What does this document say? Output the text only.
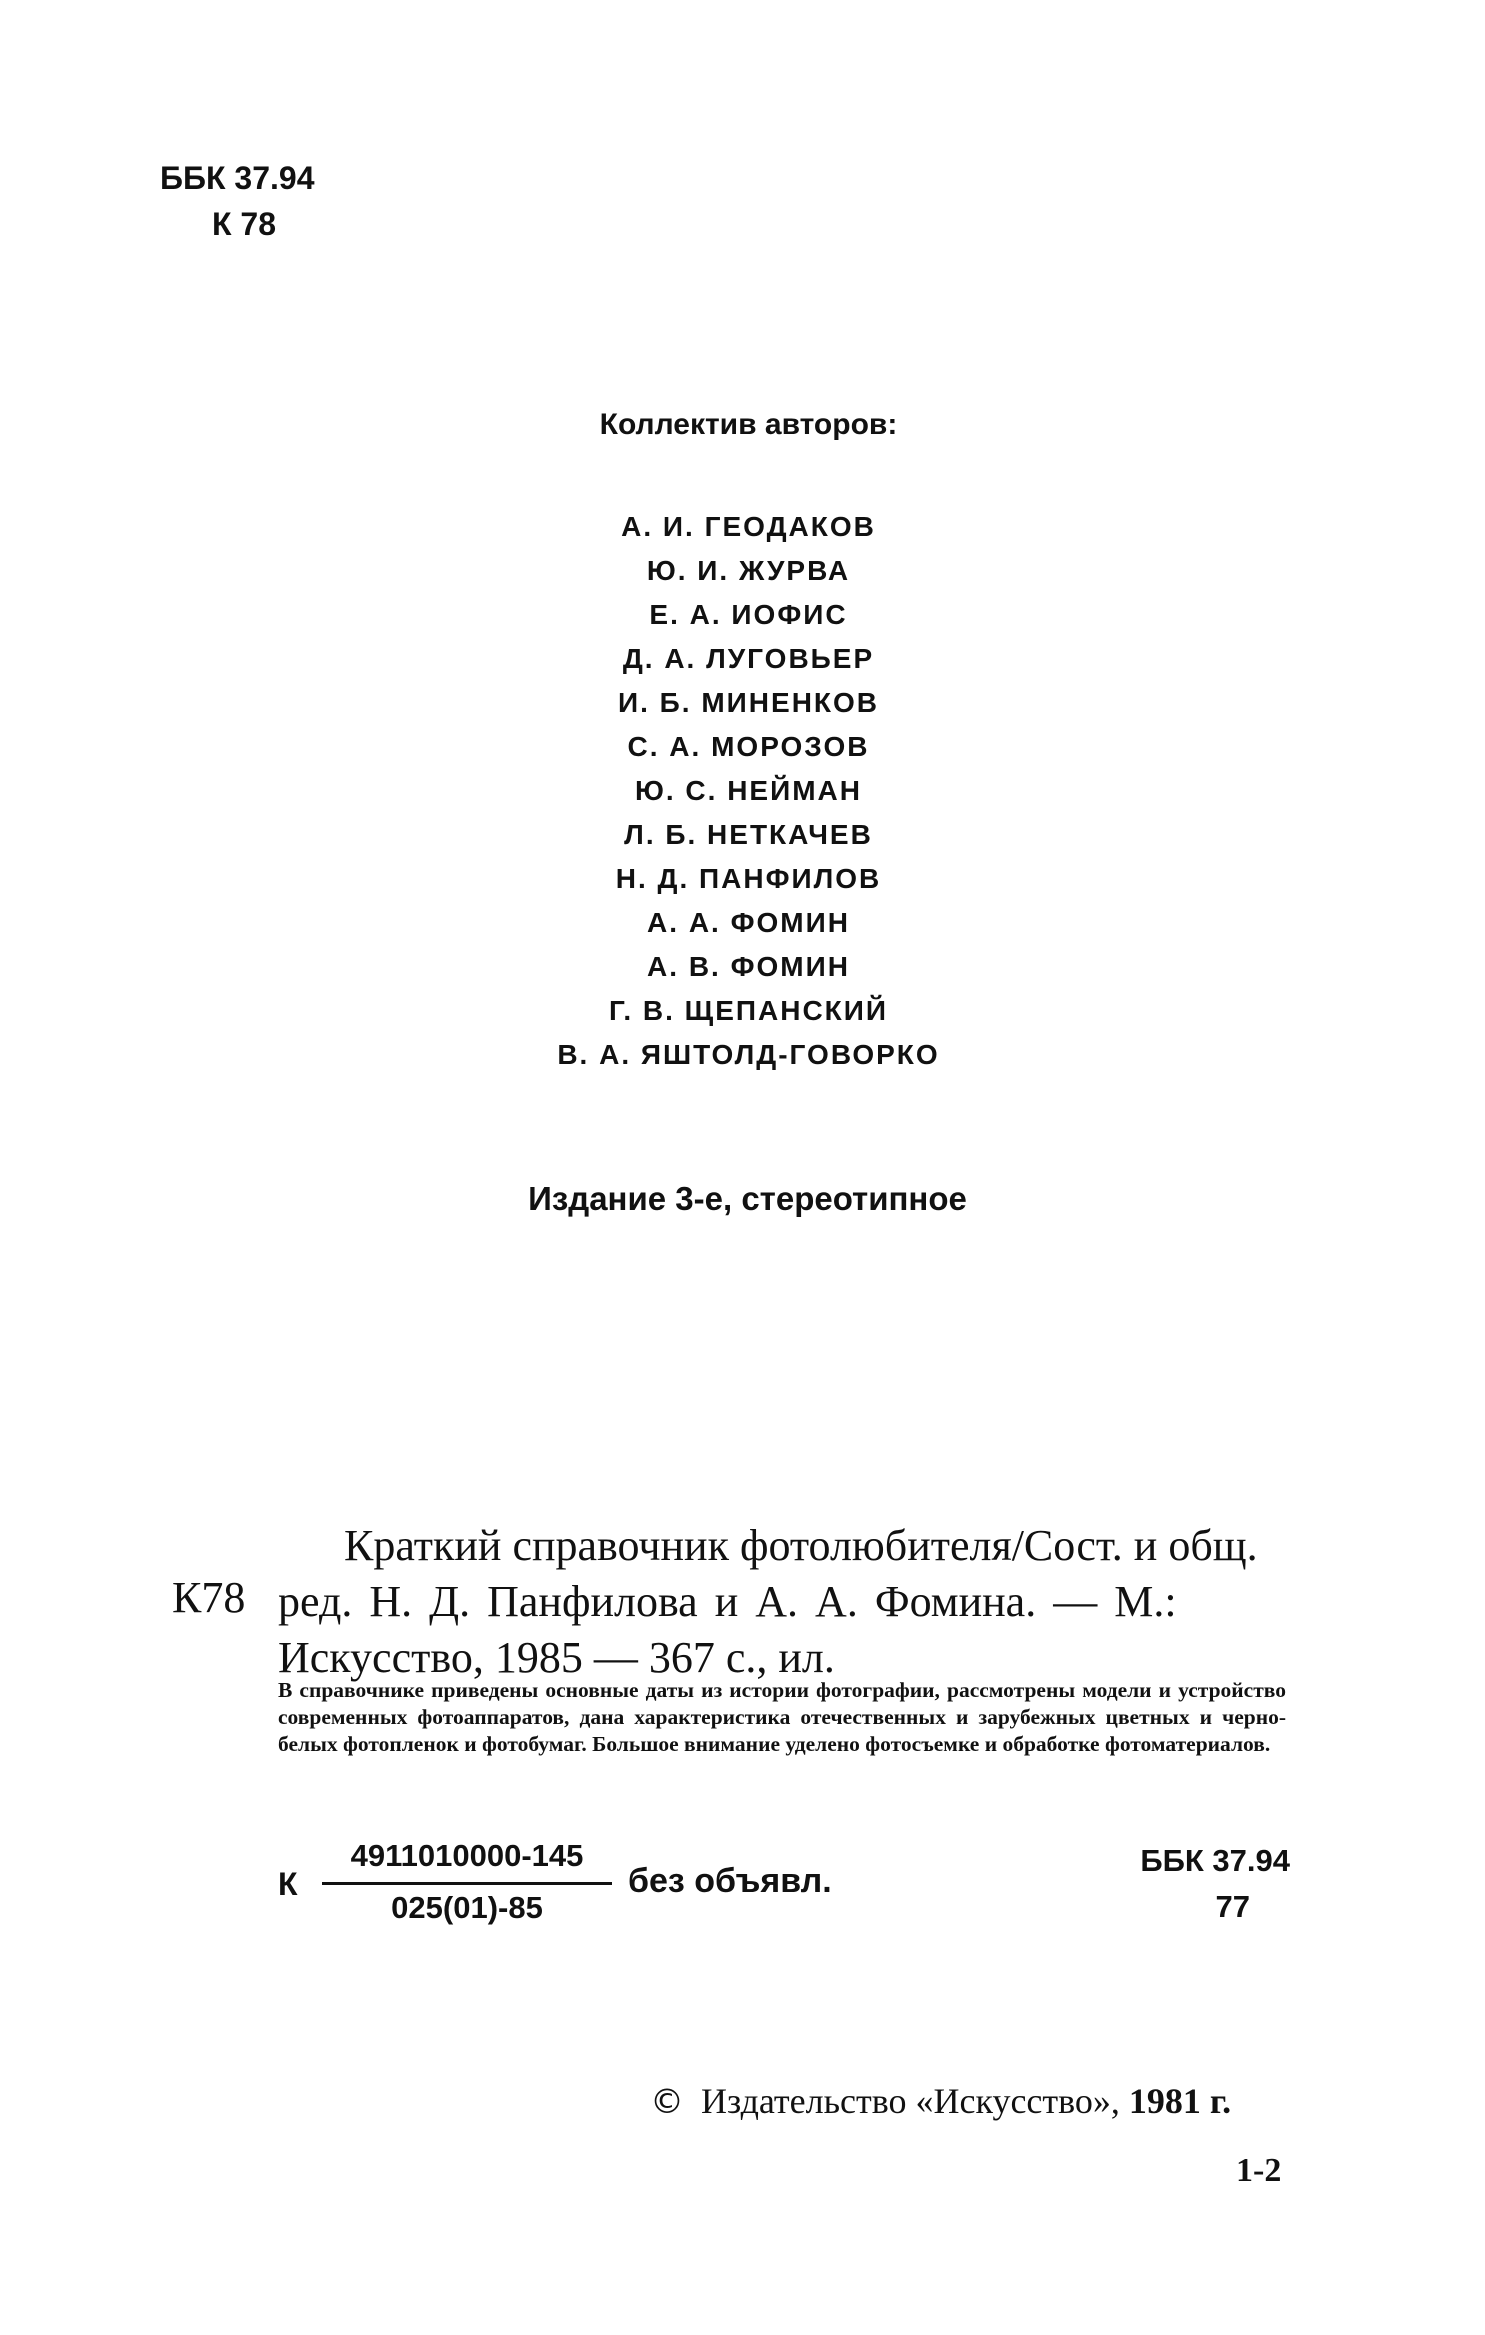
ББК 37.94
К 78
Коллектив авторов:
А. И. ГЕОДАКОВ
Ю. И. ЖУРВА
Е. А. ИОФИС
Д. А. ЛУГОВЬЕР
И. Б. МИНЕНКОВ
С. А. МОРОЗОВ
Ю. С. НЕЙМАН
Л. Б. НЕТКАЧЕВ
Н. Д. ПАНФИЛОВ
А. А. ФОМИН
А. В. ФОМИН
Г. В. ЩЕПАНСКИЙ
В. А. ЯШТОЛД-ГОВОРКО
Издание 3-е, стереотипное
К78
Краткий справочник фотолюбителя/Сост. и общ.
ред. Н. Д. Панфилова и А. А. Фомина. — М.:
Искусство, 1985 — 367 с., ил.
В справочнике приведены основные даты из истории фотографии, рассмотрены модели и устройство современных фотоаппаратов, дана характеристика отечественных и зарубежных цветных и черно-белых фотопленок и фотобумаг. Большое внимание уделено фотосъемке и обработке фотоматериалов.
К
4911010000-145
025(01)-85
без объявл.
ББК 37.94
77
© Издательство «Искусство», 1981 г.
1-2
